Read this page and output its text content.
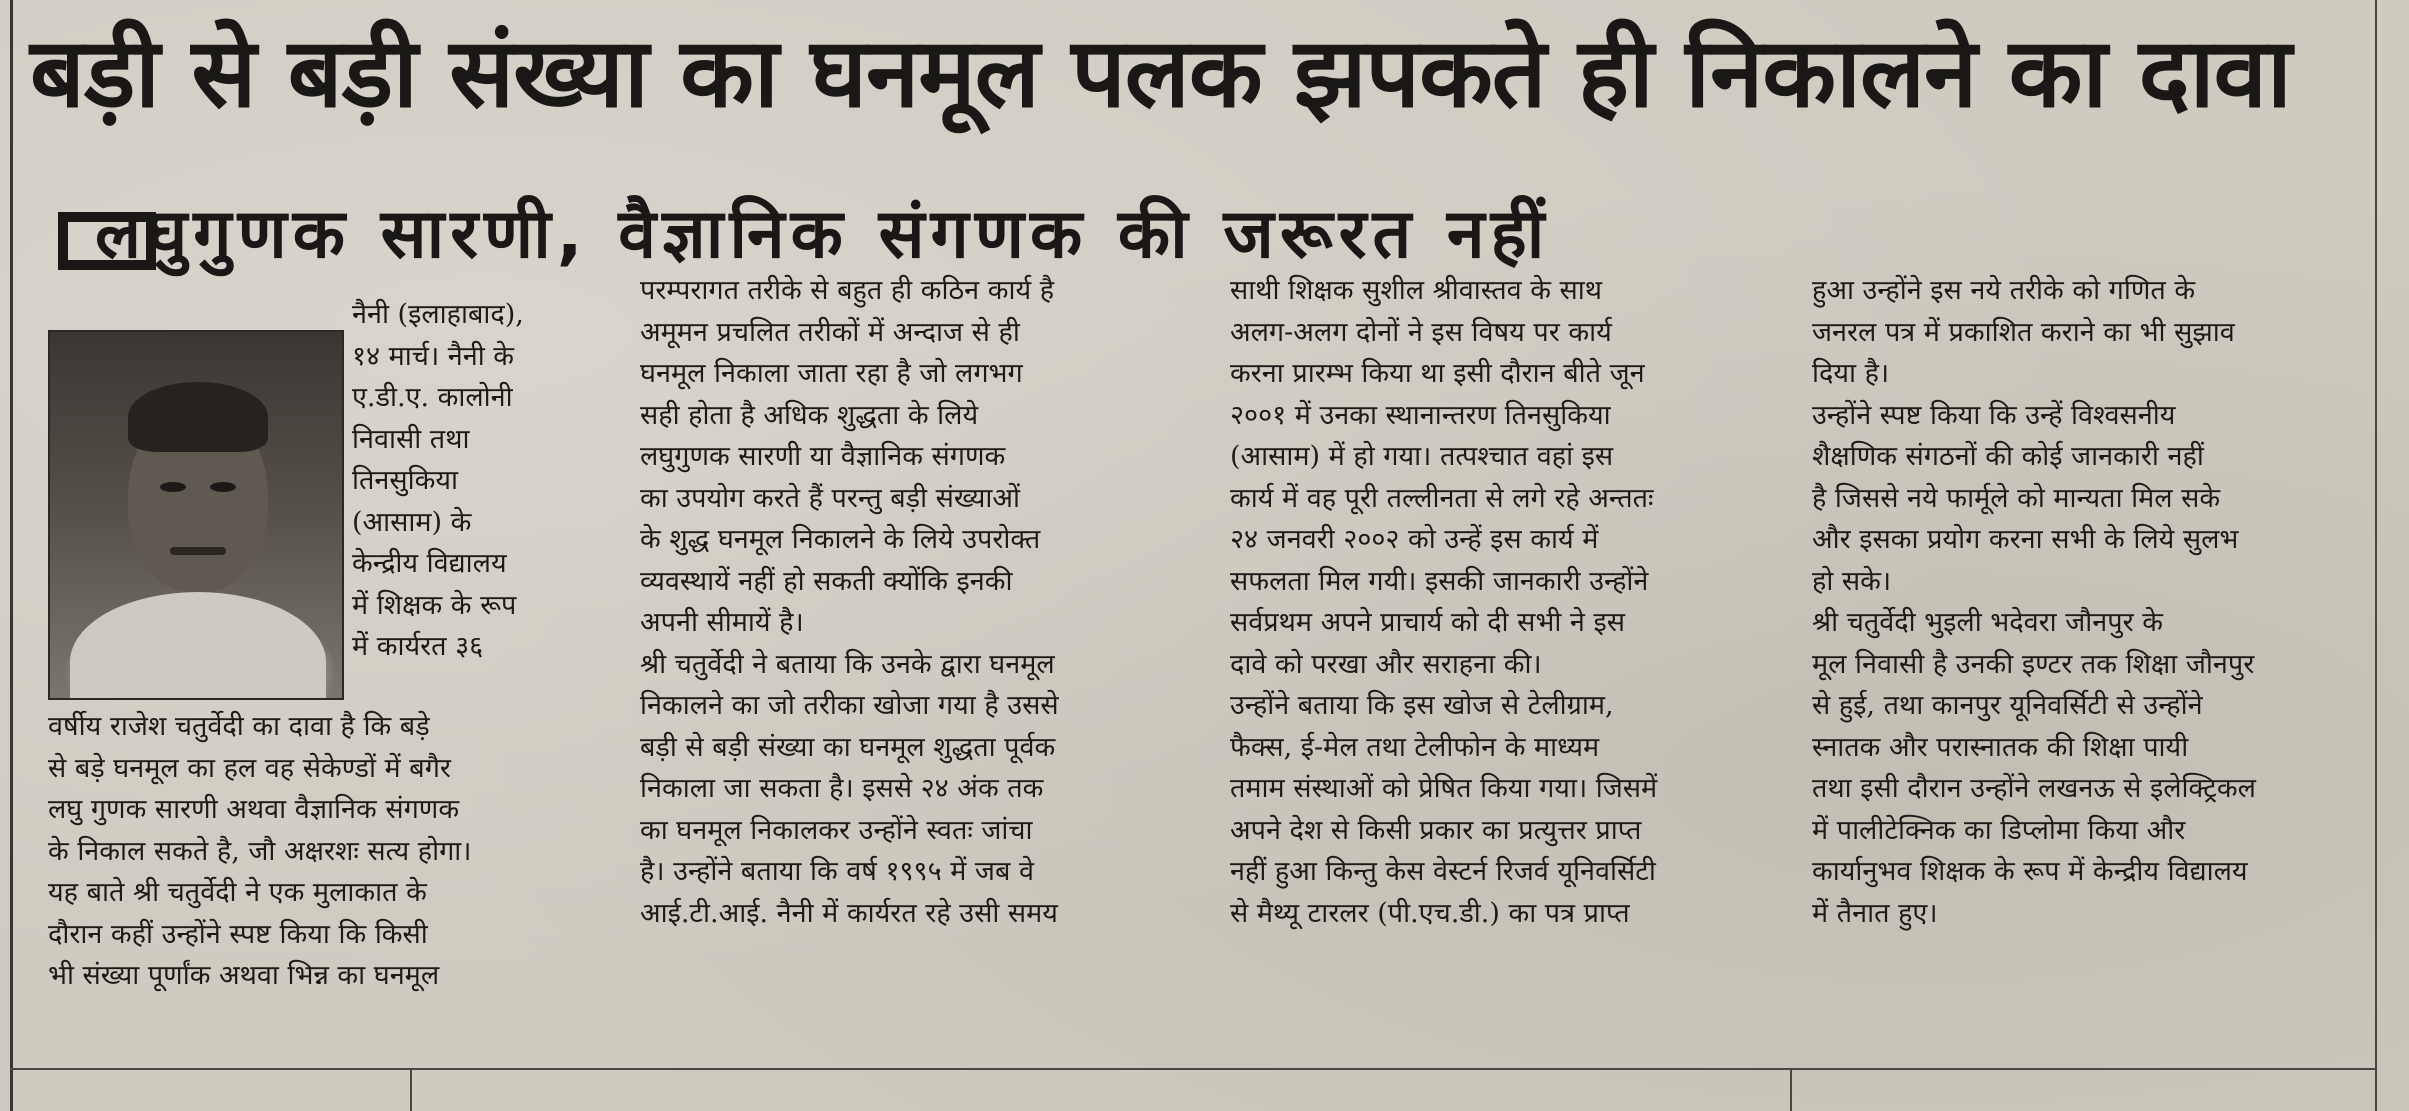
बड़ी से बड़ी संख्या का घनमूल पलक झपकते ही निकालने का दावा
लघुगुणक सारणी, वैज्ञानिक संगणक की जरूरत नहीं

नैनी (इलाहाबाद),
१४ मार्च। नैनी के
ए.डी.ए. कालोनी
निवासी तथा
तिनसुकिया
(आसाम) के
केन्द्रीय विद्यालय
में शिक्षक के रूप
में कार्यरत ३६

वर्षीय राजेश चतुर्वेदी का दावा है कि बड़े
से बड़े घनमूल का हल वह सेकेण्डों में बगैर
लघु गुणक सारणी अथवा वैज्ञानिक संगणक
के निकाल सकते है, जौ अक्षरशः सत्य होगा।
यह बाते श्री चतुर्वेदी ने एक मुलाकात के
दौरान कहीं उन्होंने स्पष्ट किया कि किसी
भी संख्या पूर्णांक अथवा भिन्न का घनमूल

परम्परागत तरीके से बहुत ही कठिन कार्य है
अमूमन प्रचलित तरीकों में अन्दाज से ही
घनमूल निकाला जाता रहा है जो लगभग
सही होता है अधिक शुद्धता के लिये
लघुगुणक सारणी या वैज्ञानिक संगणक
का उपयोग करते हैं परन्तु बड़ी संख्याओं
के शुद्ध घनमूल निकालने के लिये उपरोक्त
व्यवस्थायें नहीं हो सकती क्योंकि इनकी
अपनी सीमायें है।
श्री चतुर्वेदी ने बताया कि उनके द्वारा घनमूल
निकालने का जो तरीका खोजा गया है उससे
बड़ी से बड़ी संख्या का घनमूल शुद्धता पूर्वक
निकाला जा सकता है। इससे २४ अंक तक
का घनमूल निकालकर उन्होंने स्वतः जांचा
है। उन्होंने बताया कि वर्ष १९९५ में जब वे
आई.टी.आई. नैनी में कार्यरत रहे उसी समय

साथी शिक्षक सुशील श्रीवास्तव के साथ
अलग-अलग दोनों ने इस विषय पर कार्य
करना प्रारम्भ किया था इसी दौरान बीते जून
२००१ में उनका स्थानान्तरण तिनसुकिया
(आसाम) में हो गया। तत्पश्चात वहां इस
कार्य में वह पूरी तल्लीनता से लगे रहे अन्ततः
२४ जनवरी २००२ को उन्हें इस कार्य में
सफलता मिल गयी। इसकी जानकारी उन्होंने
सर्वप्रथम अपने प्राचार्य को दी सभी ने इस
दावे को परखा और सराहना की।
उन्होंने बताया कि इस खोज से टेलीग्राम,
फैक्स, ई-मेल तथा टेलीफोन के माध्यम
तमाम संस्थाओं को प्रेषित किया गया। जिसमें
अपने देश से किसी प्रकार का प्रत्युत्तर प्राप्त
नहीं हुआ किन्तु केस वेस्टर्न रिजर्व यूनिवर्सिटी
से मैथ्यू टारलर (पी.एच.डी.) का पत्र प्राप्त

हुआ उन्होंने इस नये तरीके को गणित के
जनरल पत्र में प्रकाशित कराने का भी सुझाव
दिया है।
उन्होंने स्पष्ट किया कि उन्हें विश्वसनीय
शैक्षणिक संगठनों की कोई जानकारी नहीं
है जिससे नये फार्मूले को मान्यता मिल सके
और इसका प्रयोग करना सभी के लिये सुलभ
हो सके।
श्री चतुर्वेदी भुइली भदेवरा जौनपुर के
मूल निवासी है उनकी इण्टर तक शिक्षा जौनपुर
से हुई, तथा कानपुर यूनिवर्सिटी से उन्होंने
स्नातक और परास्नातक की शिक्षा पायी
तथा इसी दौरान उन्होंने लखनऊ से इलेक्ट्रिकल
में पालीटेक्निक का डिप्लोमा किया और
कार्यानुभव शिक्षक के रूप में केन्द्रीय विद्यालय
में तैनात हुए।
